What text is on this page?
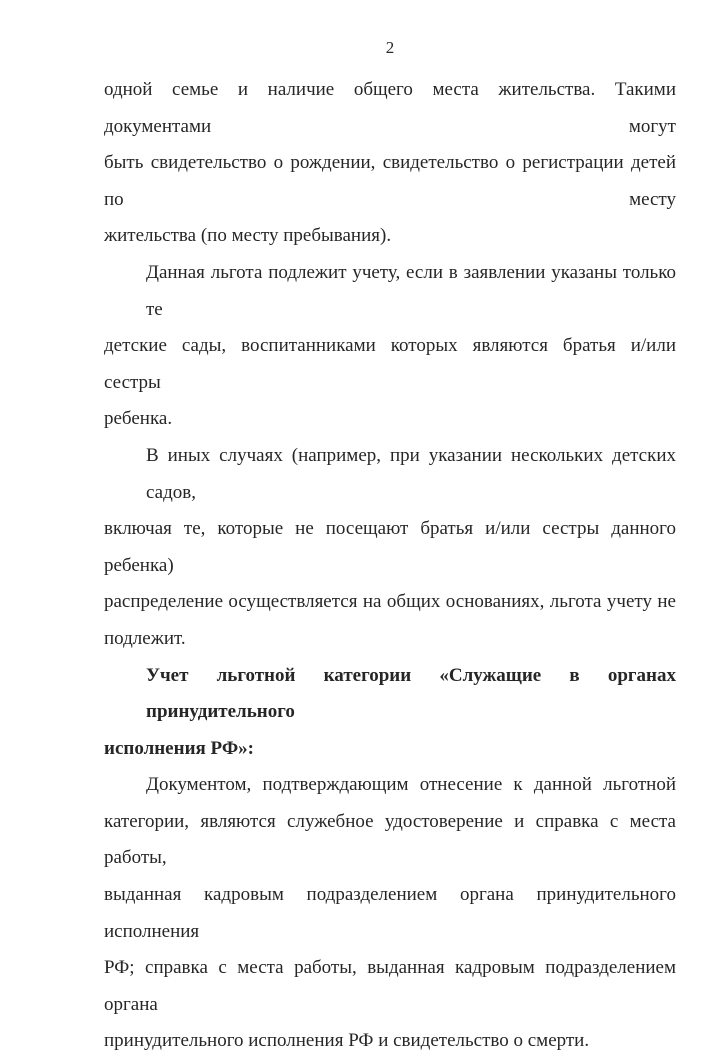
2
одной семье и наличие общего места жительства. Такими документами могут
быть свидетельство о рождении, свидетельство о регистрации детей по месту
жительства (по месту пребывания).
Данная льгота подлежит учету, если в заявлении указаны только те
детские сады, воспитанниками которых являются братья и/или сестры
ребенка.
В иных случаях (например, при указании нескольких детских садов,
включая те, которые не посещают братья и/или сестры данного ребенка)
распределение осуществляется на общих основаниях, льгота учету не
подлежит.
Учет льготной категории «Служащие в органах принудительного
исполнения РФ»:
Документом, подтверждающим отнесение к данной льготной
категории, являются служебное удостоверение и справка с места работы,
выданная кадровым подразделением органа принудительного исполнения
РФ; справка с места работы, выданная кадровым подразделением органа
принудительного исполнения РФ и свидетельство о смерти.
